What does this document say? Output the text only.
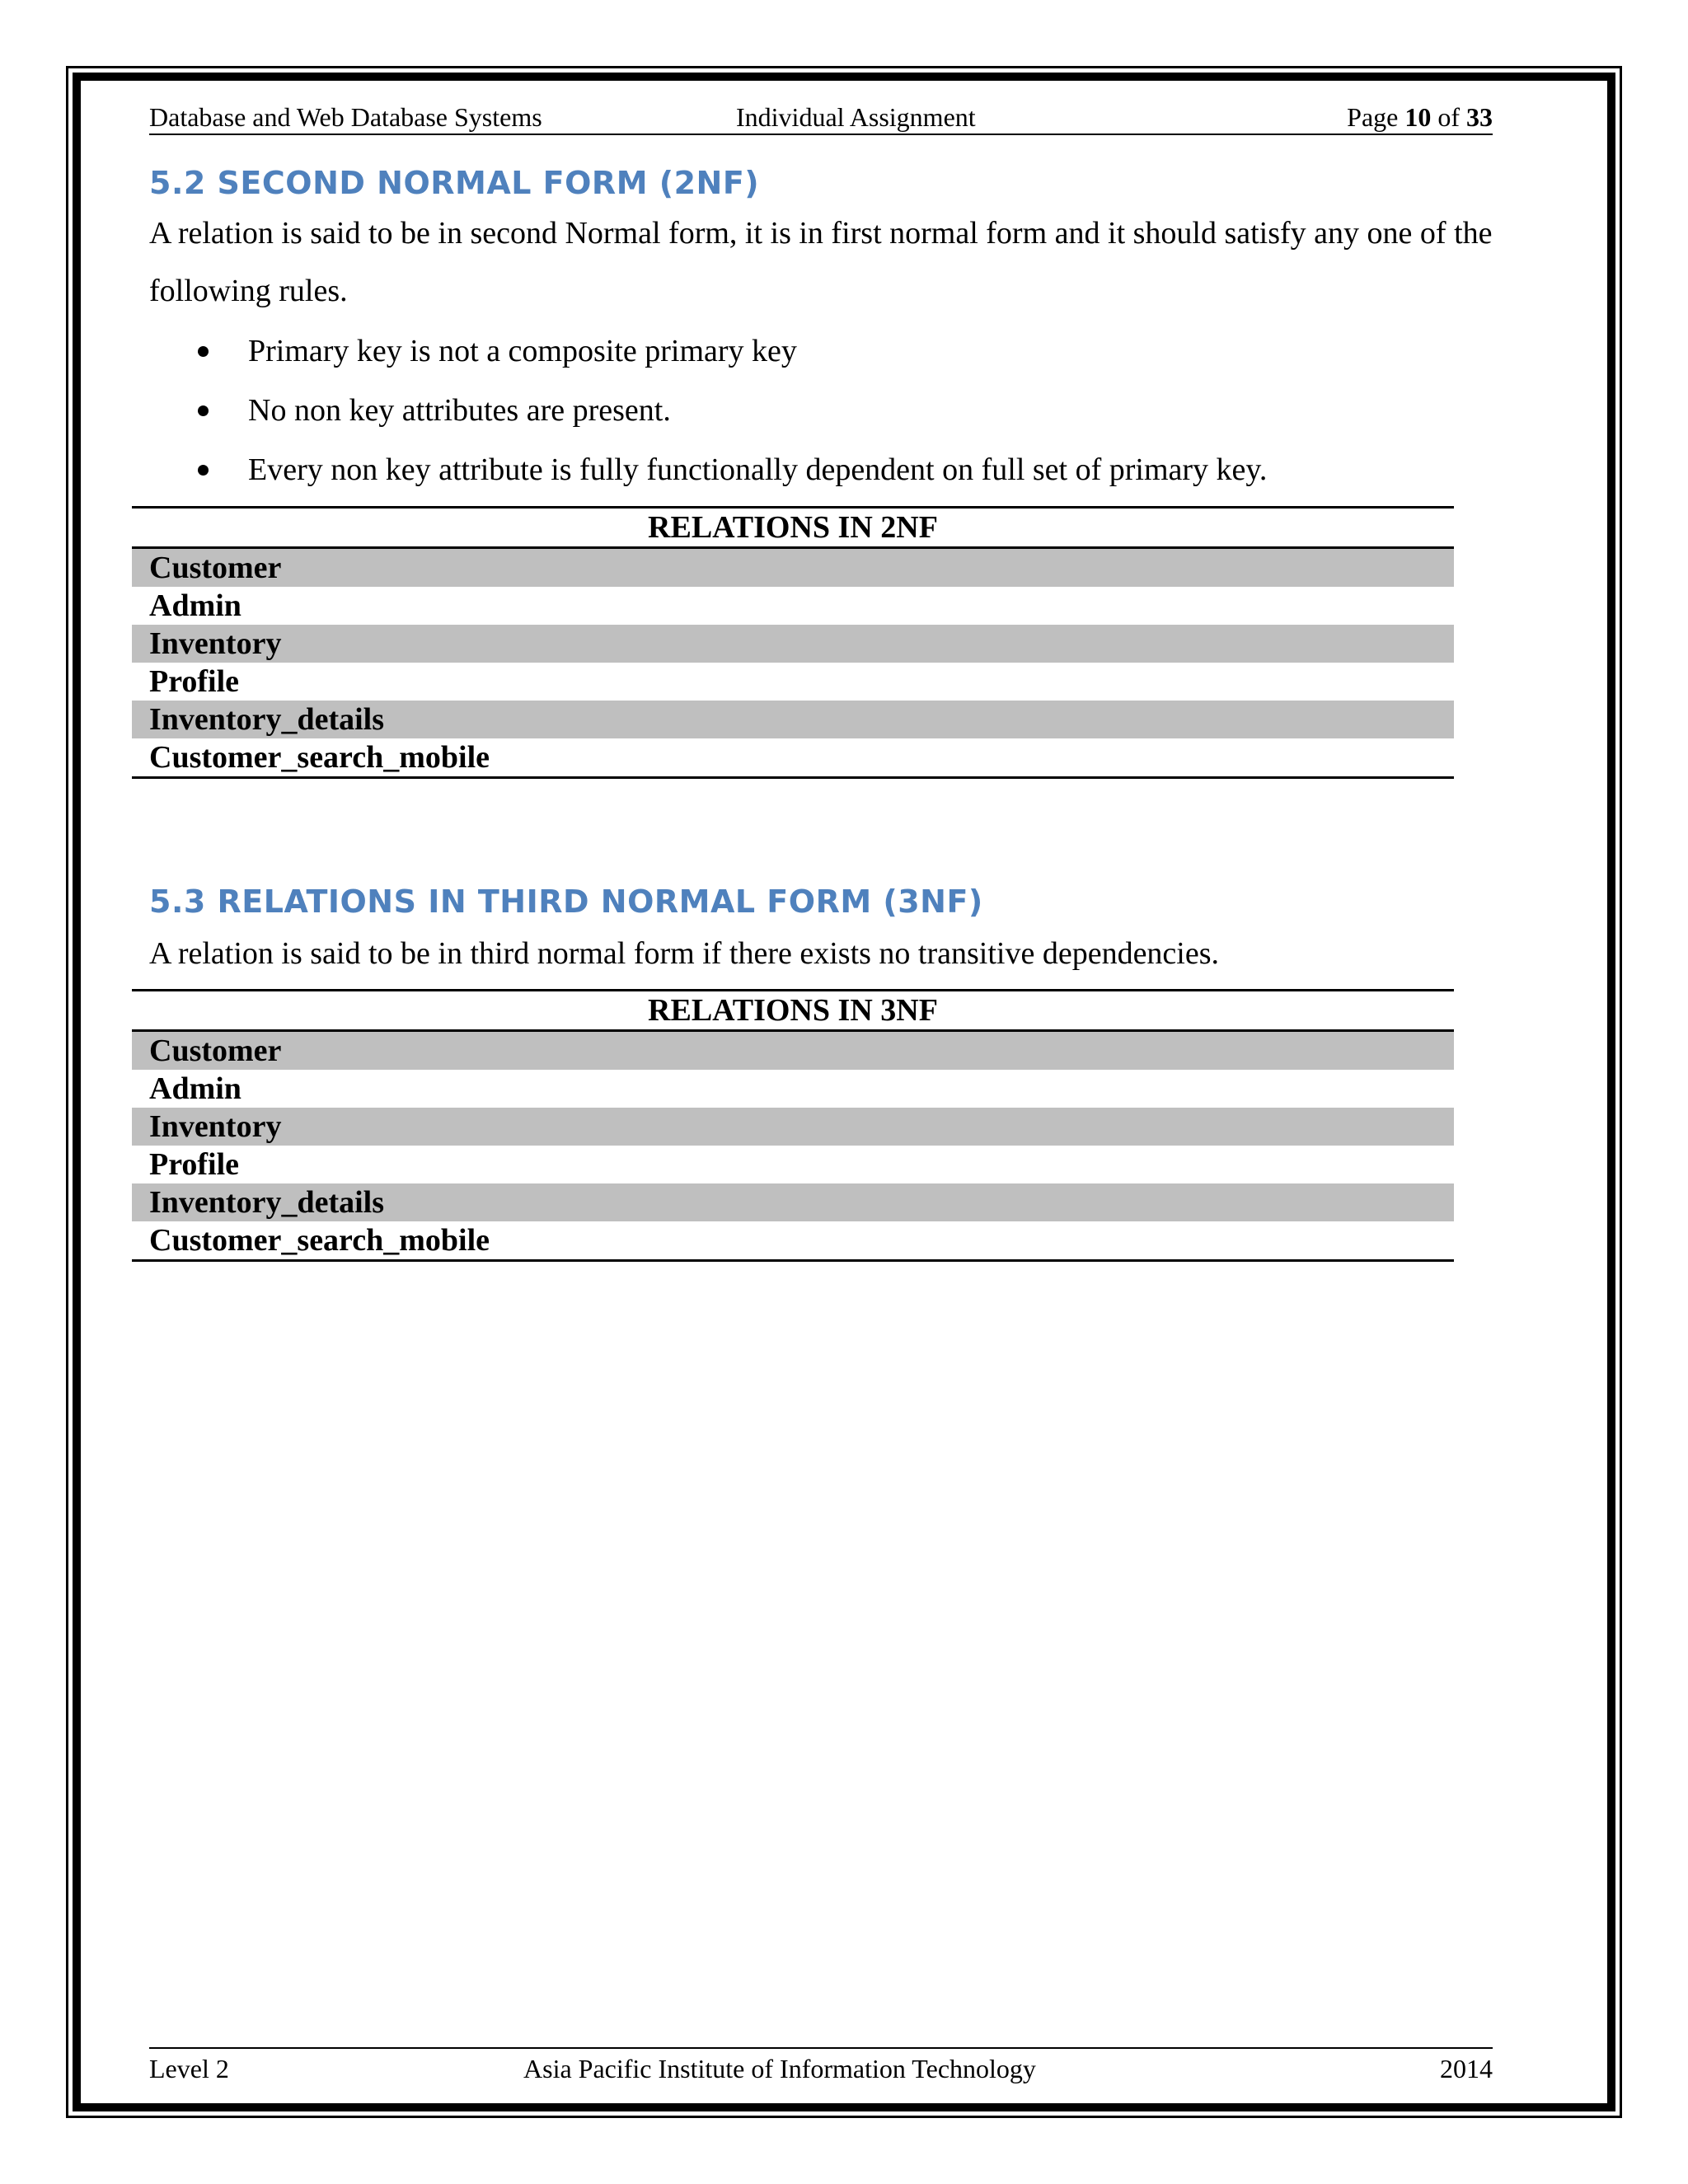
Database and Web Database Systems	Individual Assignment	Page 10 of 33
5.2 SECOND NORMAL FORM (2NF)

A relation is said to be in second Normal form, it is in first normal form and it should satisfy any one of the following rules.

Primary key is not a composite primary key
No non key attributes are present.
Every non key attribute is fully functionally dependent on full set of primary key.
RELATIONS IN 2NF
Customer
Admin
Inventory
Profile
Inventory_details
Customer_search_mobile
5.3 RELATIONS IN THIRD NORMAL FORM (3NF)

A relation is said to be in third normal form if there exists no transitive dependencies.

RELATIONS IN 3NF
Customer
Admin
Inventory
Profile
Inventory_details
Customer_search_mobile
Level 2	Asia Pacific Institute of Information Technology	2014
